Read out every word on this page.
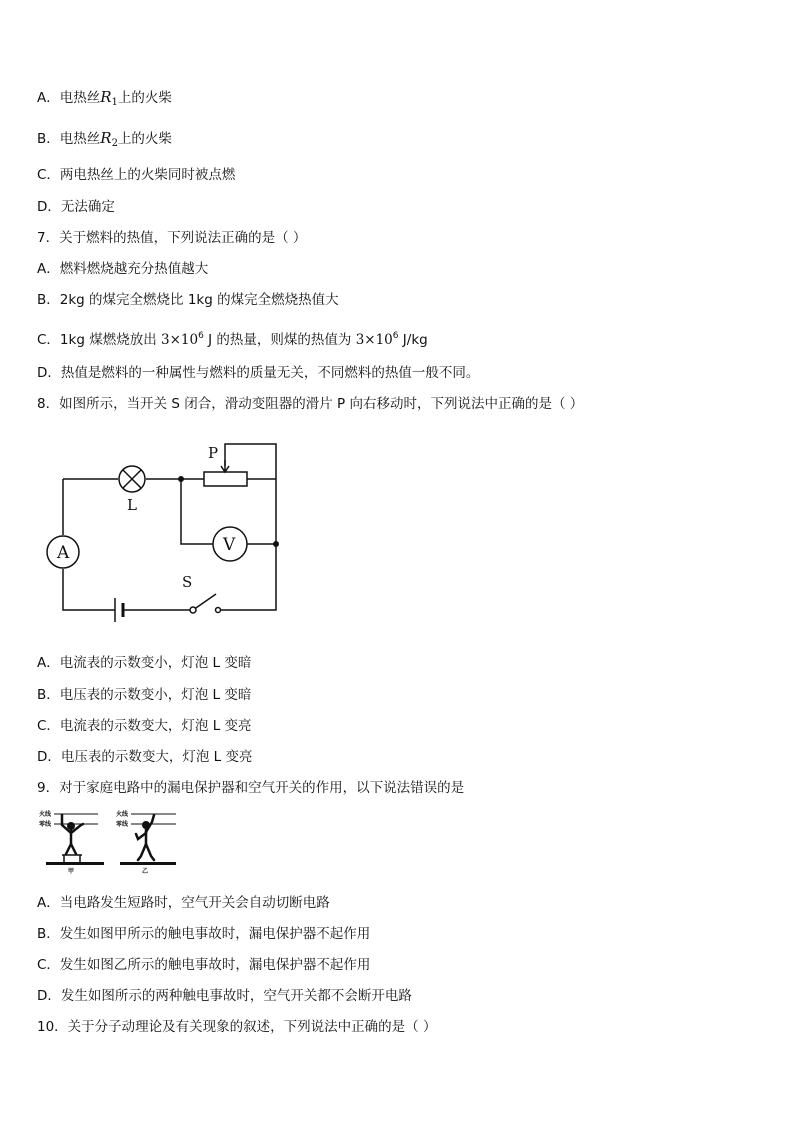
A．电热丝$R_1$上的火柴
B．电热丝$R_2$上的火柴
C．两电热丝上的火柴同时被点燃
D．无法确定
7．关于燃料的热值，下列说法正确的是（ ）
A．燃料燃烧越充分热值越大
B．2kg 的煤完全燃烧比 1kg 的煤完全燃烧热值大
C．1kg 煤燃烧放出 $3\times 10^6$ J 的热量，则煤的热值为 $3\times 10^6$ J/kg
D．热值是燃料的一种属性与燃料的质量无关，不同燃料的热值一般不同。
8．如图所示，当开关 S 闭合，滑动变阻器的滑片 P 向右移动时，下列说法中正确的是（ ）
P
L
A	V
S
A．电流表的示数变小，灯泡 L 变暗
B．电压表的示数变小，灯泡 L 变暗
C．电流表的示数变大，灯泡 L 变亮
D．电压表的示数变大，灯泡 L 变亮
9．对于家庭电路中的漏电保护器和空气开关的作用，以下说法错误的是
火线
零线
火线
零线
甲	乙
A．当电路发生短路时，空气开关会自动切断电路
B．发生如图甲所示的触电事故时，漏电保护器不起作用
C．发生如图乙所示的触电事故时，漏电保护器不起作用
D．发生如图所示的两种触电事故时，空气开关都不会断开电路
10．关于分子动理论及有关现象的叙述，下列说法中正确的是（ ）
